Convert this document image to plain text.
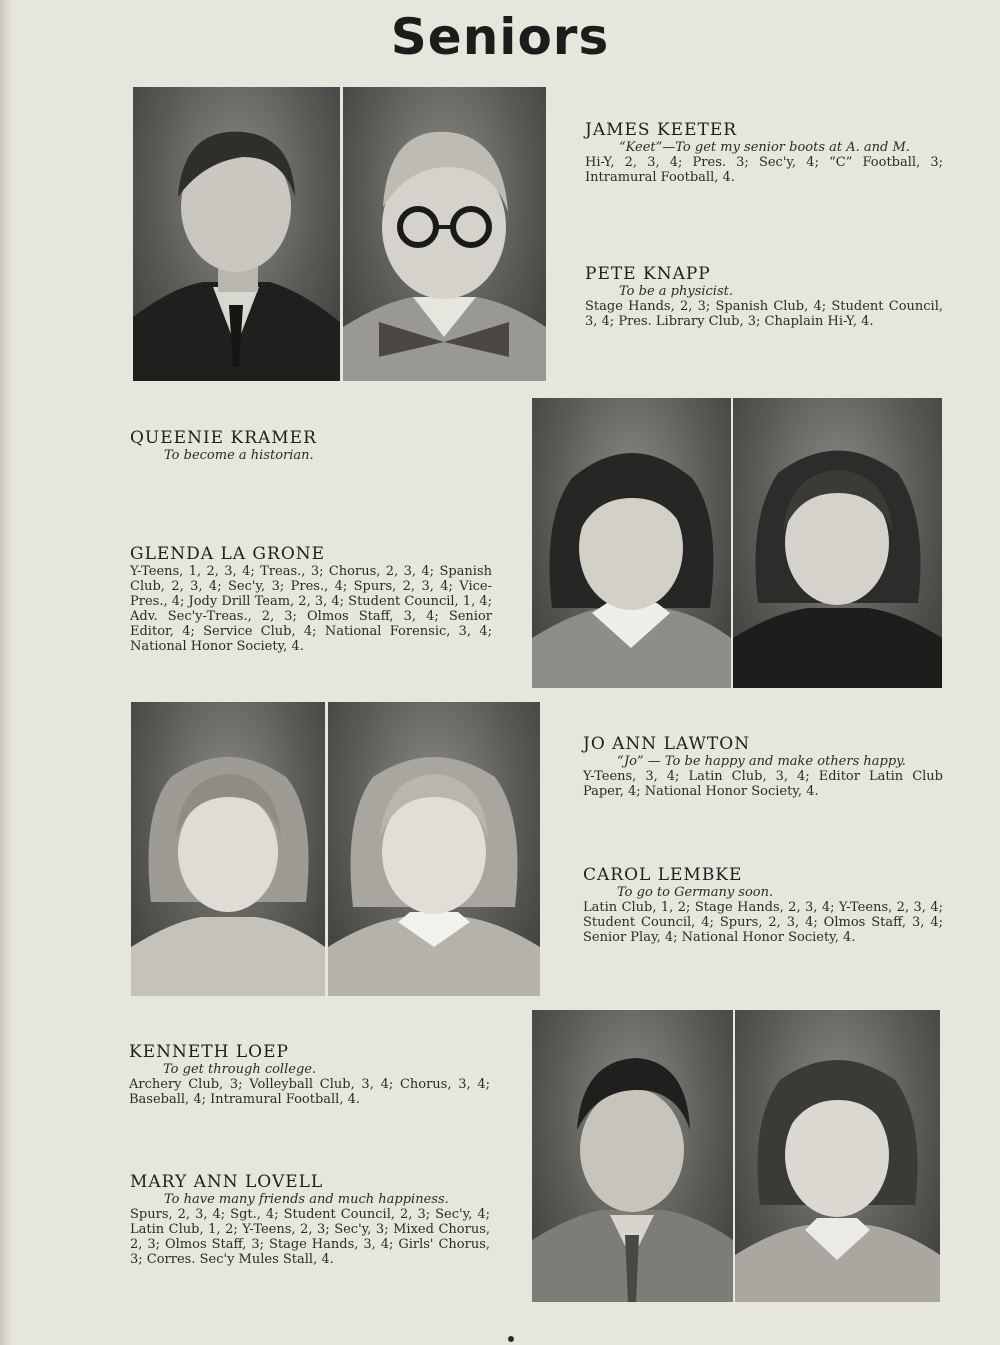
Seniors
JAMES KEETER
“Keet”—To get my senior boots at A. and M.
Hi-Y, 2, 3, 4; Pres. 3; Sec'y, 4; “C” Football, 3; Intramural Football, 4.
PETE KNAPP
To be a physicist.
Stage Hands, 2, 3; Spanish Club, 4; Student Council, 3, 4; Pres. Library Club, 3; Chaplain Hi-Y, 4.
QUEENIE KRAMER
To become a historian.
GLENDA LA GRONE
Y-Teens, 1, 2, 3, 4; Treas., 3; Chorus, 2, 3, 4; Spanish Club, 2, 3, 4; Sec'y, 3; Pres., 4; Spurs, 2, 3, 4; Vice-Pres., 4; Jody Drill Team, 2, 3, 4; Student Council, 1, 4; Adv. Sec'y-Treas., 2, 3; Olmos Staff, 3, 4; Senior Editor, 4; Service Club, 4; National Forensic, 3, 4; National Honor Society, 4.
JO ANN LAWTON
“Jo” — To be happy and make others happy.
Y-Teens, 3, 4; Latin Club, 3, 4; Editor Latin Club Paper, 4; National Honor Society, 4.
CAROL LEMBKE
To go to Germany soon.
Latin Club, 1, 2; Stage Hands, 2, 3, 4; Y-Teens, 2, 3, 4; Student Council, 4; Spurs, 2, 3, 4; Olmos Staff, 3, 4; Senior Play, 4; National Honor Society, 4.
KENNETH LOEP
To get through college.
Archery Club, 3; Volleyball Club, 3, 4; Chorus, 3, 4; Baseball, 4; Intramural Football, 4.
MARY ANN LOVELL
To have many friends and much happiness.
Spurs, 2, 3, 4; Sgt., 4; Student Council, 2, 3; Sec'y, 4; Latin Club, 1, 2; Y-Teens, 2, 3; Sec'y, 3; Mixed Chorus, 2, 3; Olmos Staff, 3; Stage Hands, 3, 4; Girls' Chorus, 3; Corres. Sec'y Mules Stall, 4.
